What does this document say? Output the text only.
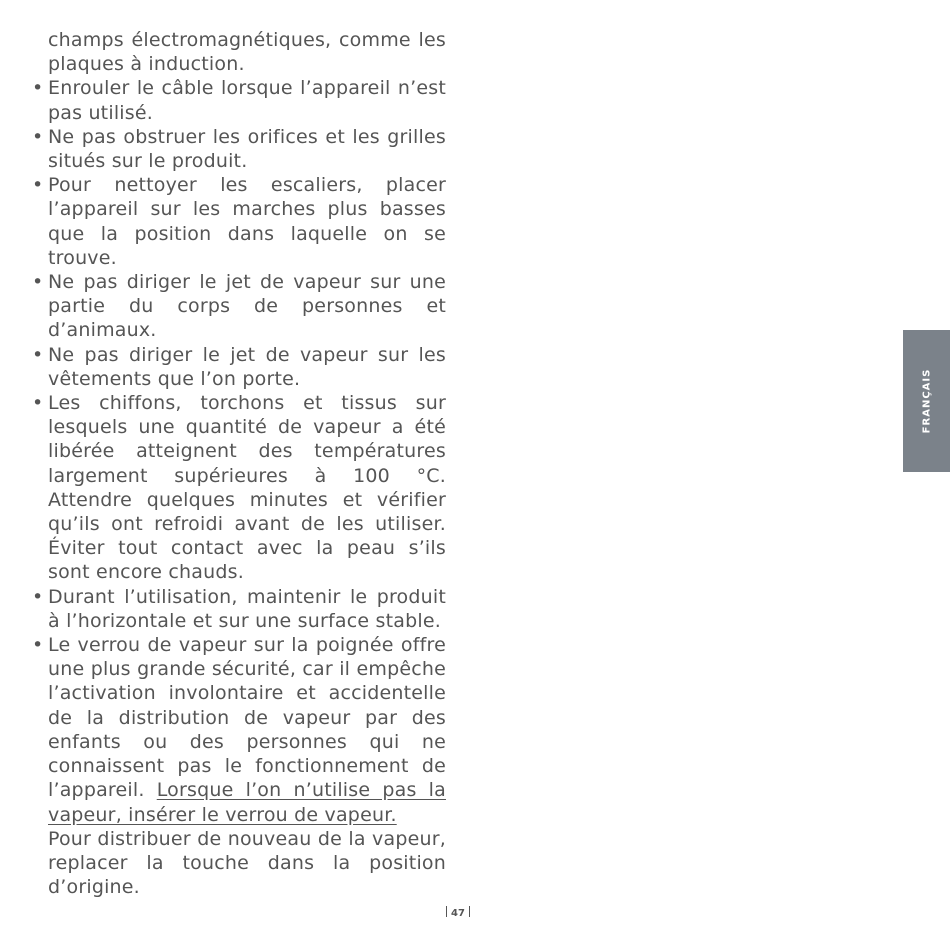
champs électromagnétiques, comme les plaques à induction.

• Enrouler le câble lorsque l’appareil n’est pas utilisé.
• Ne pas obstruer les orifices et les grilles situés sur le produit.
• Pour nettoyer les escaliers, placer l’appareil sur les marches plus basses que la position dans laquelle on se trouve.
• Ne pas diriger le jet de vapeur sur une partie du corps de personnes et d’animaux.
• Ne pas diriger le jet de vapeur sur les vêtements que l’on porte.
• Les chiffons, torchons et tissus sur lesquels une quantité de vapeur a été libérée atteignent des températures largement supérieures à 100 °C. Attendre quelques minutes et vérifier qu’ils ont refroidi avant de les utiliser. Éviter tout contact avec la peau s’ils sont encore chauds.
• Durant l’utilisation, maintenir le produit à l’horizontale et sur une surface stable.
• Le verrou de vapeur sur la poignée offre une plus grande sécurité, car il empêche l’activation involontaire et accidentelle de la distribution de vapeur par des enfants ou des personnes qui ne connaissent pas le fonctionnement de l’appareil. Lorsque l’on n’utilise pas la vapeur, insérer le verrou de vapeur.
Pour distribuer de nouveau de la vapeur, replacer la touche dans la position d’origine.
FRANÇAIS
47
